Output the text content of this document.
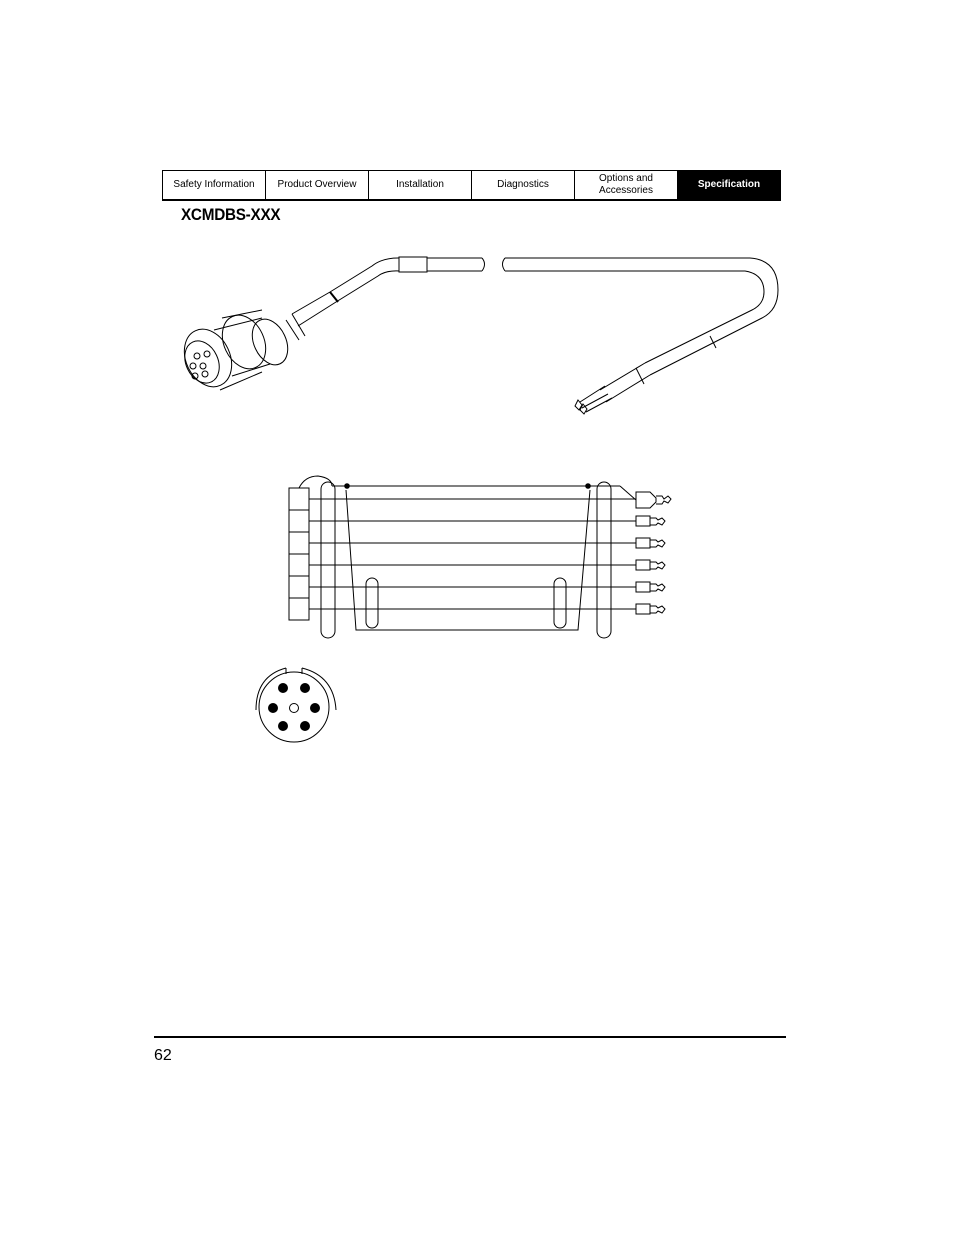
Safety Information Product Overview	Installation	Diagnostics
Options and
Accessories
Specification
XCMDBS-XXX
62
